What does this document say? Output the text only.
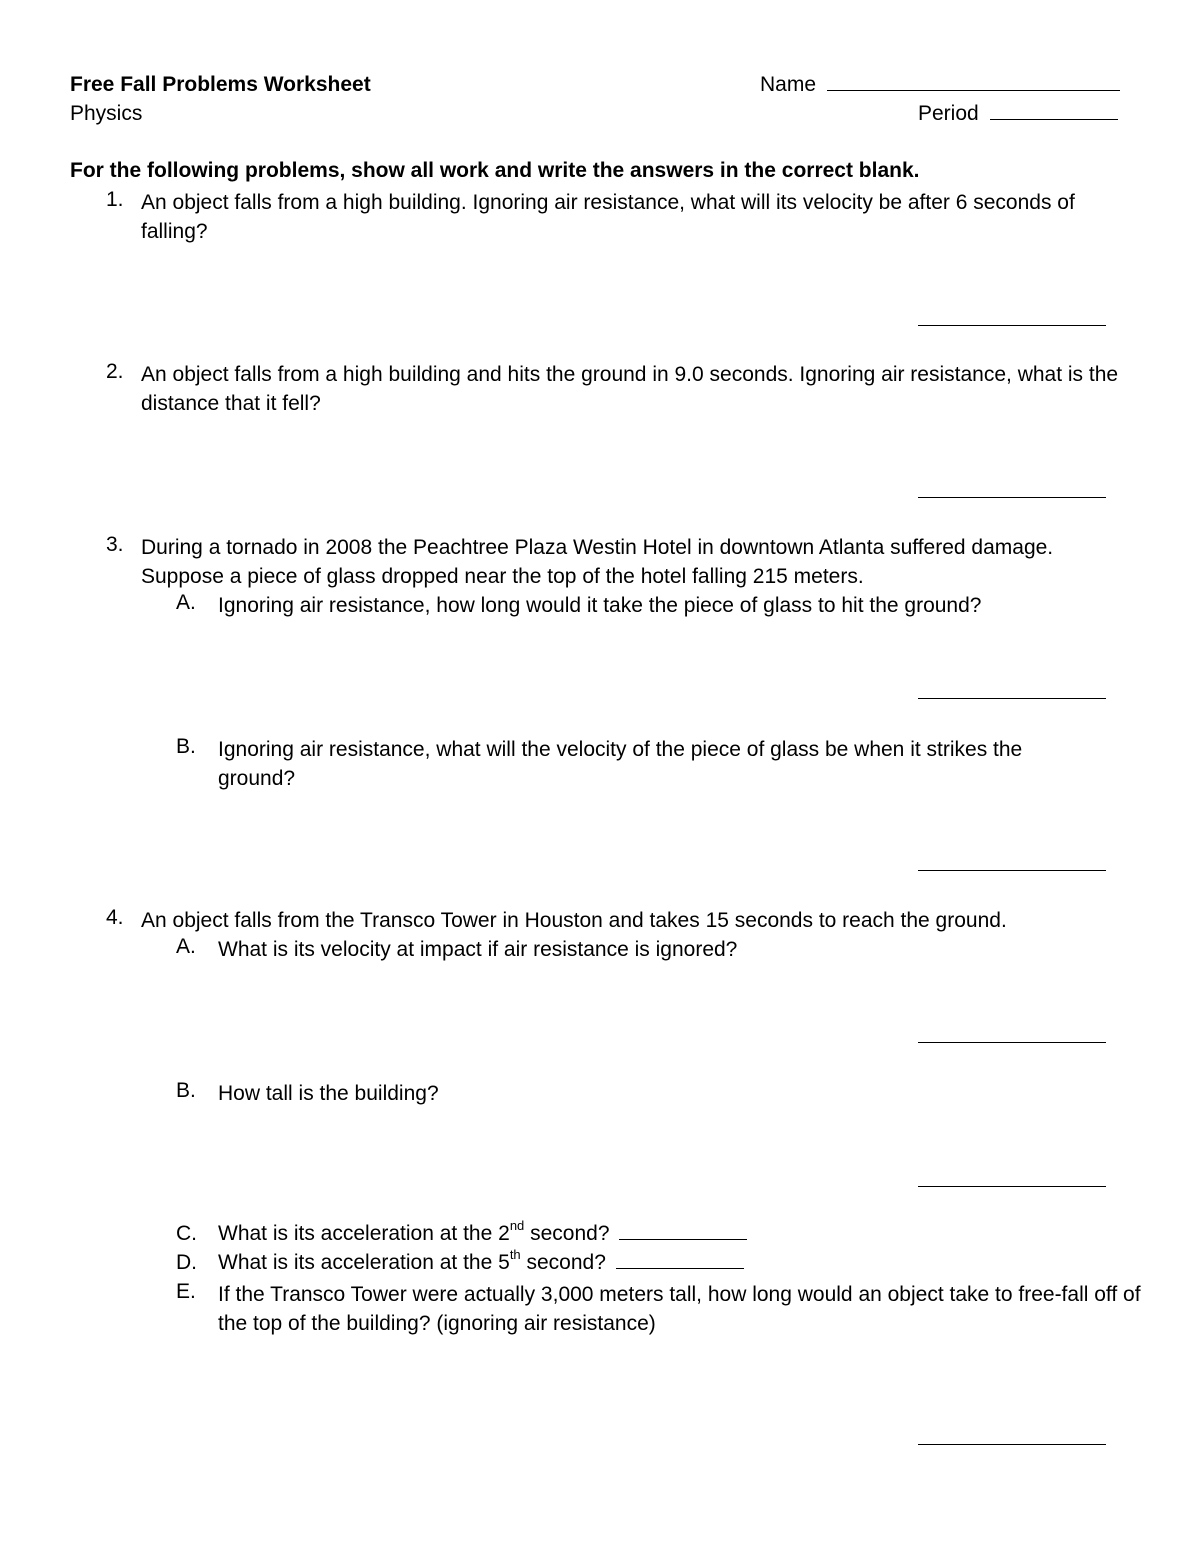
Free Fall Problems Worksheet
Physics
Name
Period
For the following problems, show all work and write the answers in the correct blank.
1. An object falls from a high building. Ignoring air resistance, what will its velocity be after 6 seconds of falling?
2. An object falls from a high building and hits the ground in 9.0 seconds. Ignoring air resistance, what is the distance that it fell?
3. During a tornado in 2008 the Peachtree Plaza Westin Hotel in downtown Atlanta suffered damage. Suppose a piece of glass dropped near the top of the hotel falling 215 meters.
A. Ignoring air resistance, how long would it take the piece of glass to hit the ground?
B. Ignoring air resistance, what will the velocity of the piece of glass be when it strikes the ground?
4. An object falls from the Transco Tower in Houston and takes 15 seconds to reach the ground.
A. What is its velocity at impact if air resistance is ignored?
B. How tall is the building?
C. What is its acceleration at the 2nd second?
D. What is its acceleration at the 5th second?
E. If the Transco Tower were actually 3,000 meters tall, how long would an object take to free-fall off of the top of the building? (ignoring air resistance)
